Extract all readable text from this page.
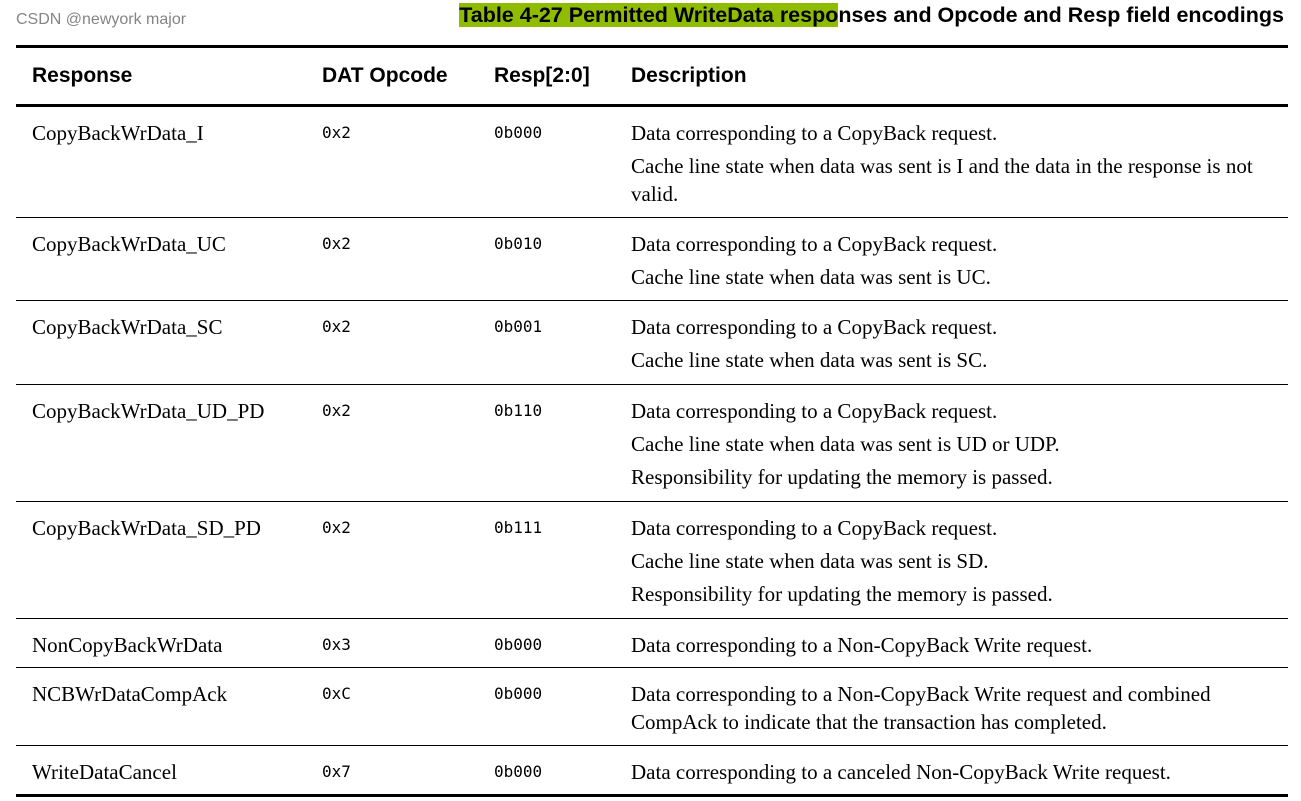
Table 4-27 Permitted WriteData responses and Opcode and Resp field encodings
Response	DAT Opcode	Resp[2:0]	Description
CopyBackWrData_I	0x2	0b000	Data corresponding to a CopyBack request.

Cache line state when data was sent is I and the data in the response is not valid.

CopyBackWrData_UC	0x2	0b010	Data corresponding to a CopyBack request.

Cache line state when data was sent is UC.

CopyBackWrData_SC	0x2	0b001	Data corresponding to a CopyBack request.

Cache line state when data was sent is SC.

CopyBackWrData_UD_PD	0x2	0b110	Data corresponding to a CopyBack request.

Cache line state when data was sent is UD or UDP.

Responsibility for updating the memory is passed.

CopyBackWrData_SD_PD	0x2	0b111	Data corresponding to a CopyBack request.

Cache line state when data was sent is SD.

Responsibility for updating the memory is passed.

NonCopyBackWrData	0x3	0b000	Data corresponding to a Non-CopyBack Write request.

NCBWrDataCompAck	0xC	0b000	Data corresponding to a Non-CopyBack Write request and combined CompAck to indicate that the transaction has completed.

WriteDataCancel	0x7	0b000	Data corresponding to a canceled Non-CopyBack Write request.

CSDN @newyork major
